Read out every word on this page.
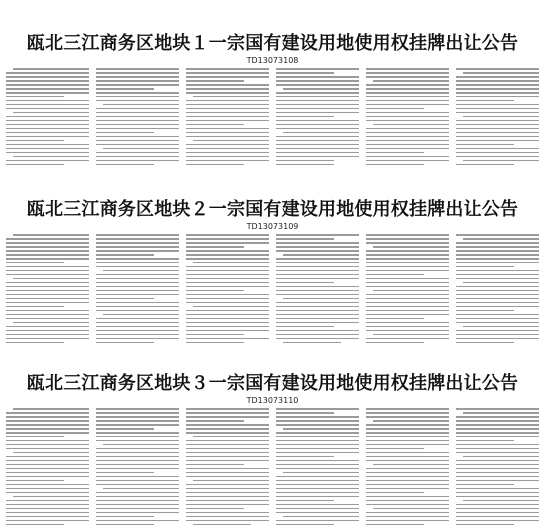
瓯北三江商务区地块１一宗国有建设用地使用权挂牌出让公告
TD13073108
瓯北三江商务区地块２一宗国有建设用地使用权挂牌出让公告
TD13073109
瓯北三江商务区地块３一宗国有建设用地使用权挂牌出让公告
TD13073110
